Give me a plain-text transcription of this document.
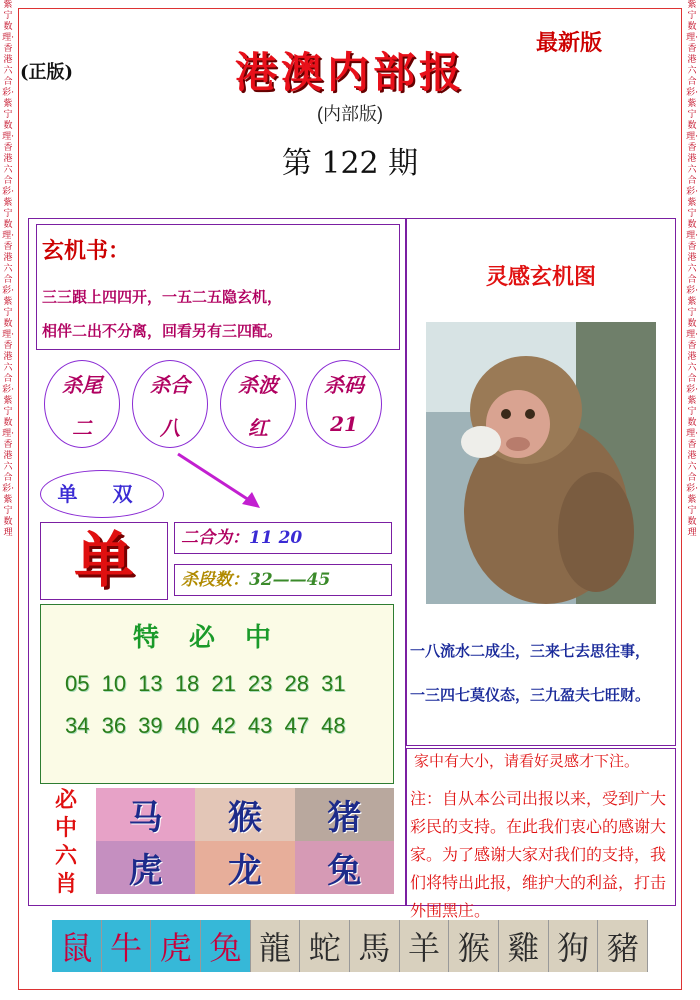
紫宁数理·香港六合彩·紫宁数理·香港六合彩·紫宁数理·香港六合彩·紫宁数理·香港六合彩·紫宁数理·香港六合彩·紫宁数理
紫宁数理·香港六合彩·紫宁数理·香港六合彩·紫宁数理·香港六合彩·紫宁数理·香港六合彩·紫宁数理·香港六合彩·紫宁数理
(正版)
最新版
港澳内部报
(内部版)
第 122 期
玄机书：
三三跟上四四开，一五二五隐玄机，
相伴二出不分离，回看另有三四配。
杀尾
二
杀合
八
杀波
红
杀码
21
单 双
单	二合为：11 20
杀段数：32——45
特必中
05 10 13 18 21 23 28 31
34 36 39 40 42 43 47 48
必中六肖
马	猴	猪
虎	龙	兔
灵感玄机图
一八流水二成尘，三来七去思往事，
一三四七莫仪态，三九盈夫七旺财。
家中有大小，请看好灵感才下注。
注：自从本公司出报以来，受到广大彩民的支持。在此我们衷心的感谢大家。为了感谢大家对我们的支持，我们将特出此报，维护大的利益，打击外围黑庄。
鼠 牛 虎 兔 龍 蛇 馬 羊 猴 雞 狗 豬
